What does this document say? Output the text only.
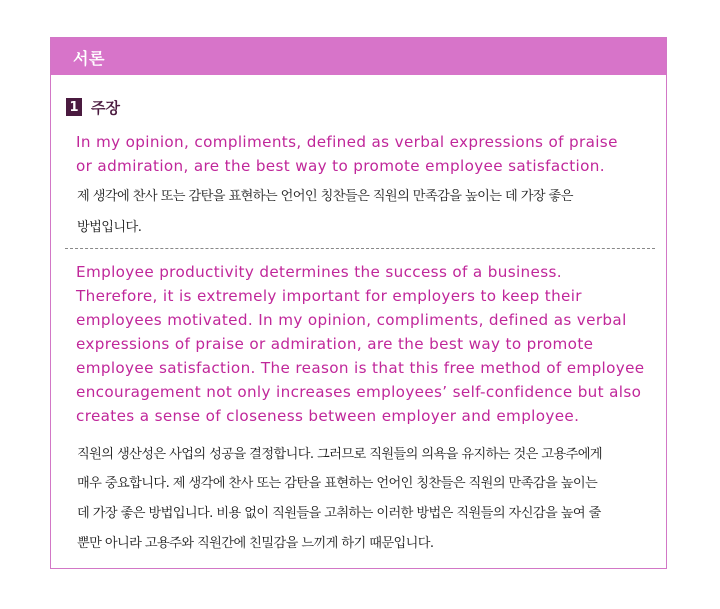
서론
1 주장
In my opinion, compliments, defined as verbal expressions of praise
or admiration, are the best way to promote employee satisfaction.
제 생각에 찬사 또는 감탄을 표현하는 언어인 칭찬들은 직원의 만족감을 높이는 데 가장 좋은
방법입니다.
Employee productivity determines the success of a business.
Therefore, it is extremely important for employers to keep their
employees motivated. In my opinion, compliments, defined as verbal
expressions of praise or admiration, are the best way to promote
employee satisfaction. The reason is that this free method of employee
encouragement not only increases employees’ self-confidence but also
creates a sense of closeness between employer and employee.
직원의 생산성은 사업의 성공을 결정합니다. 그러므로 직원들의 의욕을 유지하는 것은 고용주에게
매우 중요합니다. 제 생각에 찬사 또는 감탄을 표현하는 언어인 칭찬들은 직원의 만족감을 높이는
데 가장 좋은 방법입니다. 비용 없이 직원들을 고취하는 이러한 방법은 직원들의 자신감을 높여 줄
뿐만 아니라 고용주와 직원간에 친밀감을 느끼게 하기 때문입니다.
